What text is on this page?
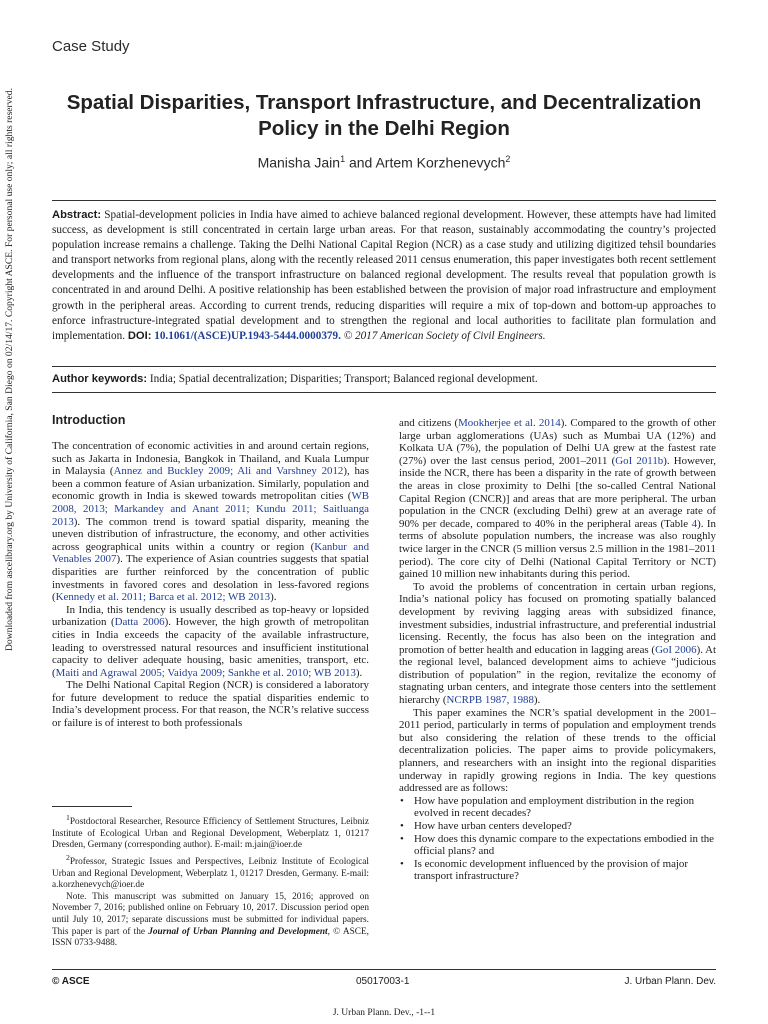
Downloaded from ascelibrary.org by University of California, San Diego on 02/14/17. Copyright ASCE. For personal use only; all rights reserved.
Case Study
Spatial Disparities, Transport Infrastructure, and Decentralization Policy in the Delhi Region
Manisha Jain$^1$ and Artem Korzhenevych$^2$
Abstract: Spatial-development policies in India have aimed to achieve balanced regional development. However, these attempts have had limited success, as development is still concentrated in certain large urban areas. For that reason, sustainably accommodating the country’s projected population increase remains a challenge. Taking the Delhi National Capital Region (NCR) as a case study and utilizing digitized tehsil boundaries and transport networks from regional plans, along with the recently released 2011 census enumeration, this paper investigates both recent settlement developments and the influence of the transport infrastructure on balanced regional development. The results reveal that population growth is concentrated in and around Delhi. A positive relationship has been established between the provision of major road infrastructure and employment growth in the peripheral areas. According to current trends, reducing disparities will require a mix of top-down and bottom-up approaches to enforce infrastructure-integrated spatial development and to strengthen the regional and local authorities to facilitate plan formulation and implementation. DOI: 10.1061/(ASCE)UP.1943-5444.0000379. © 2017 American Society of Civil Engineers.
Author keywords: India; Spatial decentralization; Disparities; Transport; Balanced regional development.
Introduction

The concentration of economic activities in and around certain regions, such as Jakarta in Indonesia, Bangkok in Thailand, and Kuala Lumpur in Malaysia (Annez and Buckley 2009; Ali and Varshney 2012), has been a common feature of Asian urbanization. Similarly, population and economic growth in India is skewed towards metropolitan cities (WB 2008, 2013; Markandey and Anant 2011; Kundu 2011; Saitluanga 2013). The common trend is toward spatial disparity, meaning the uneven distribution of infrastructure, the economy, and other activities across geographical units within a country or region (Kanbur and Venables 2007). The experience of Asian countries suggests that spatial disparities are further reinforced by the concentration of public investments in favored cores and desolation in less-favored regions (Kennedy et al. 2011; Barca et al. 2012; WB 2013).

In India, this tendency is usually described as top-heavy or lopsided urbanization (Datta 2006). However, the high growth of metropolitan cities in India exceeds the capacity of the available infrastructure, leading to overstressed natural resources and insufficient institutional capacity to deliver adequate housing, basic amenities, transport, etc. (Maiti and Agrawal 2005; Vaidya 2009; Sankhe et al. 2010; WB 2013).

The Delhi National Capital Region (NCR) is considered a laboratory for future development to reduce the spatial disparities endemic to India’s development process. For that reason, the NCR’s relative success or failure is of interest to both professionals

$^1$Postdoctoral Researcher, Resource Efficiency of Settlement Structures, Leibniz Institute of Ecological Urban and Regional Development, Weberplatz 1, 01217 Dresden, Germany (corresponding author). E-mail: m.jain@ioer.de

$^2$Professor, Strategic Issues and Perspectives, Leibniz Institute of Ecological Urban and Regional Development, Weberplatz 1, 01217 Dresden, Germany. E-mail: a.korzhenevych@ioer.de

Note. This manuscript was submitted on January 15, 2016; approved on November 7, 2016; published online on February 10, 2017. Discussion period open until July 10, 2017; separate discussions must be submitted for individual papers. This paper is part of the Journal of Urban Planning and Development, © ASCE, ISSN 0733-9488.

and citizens (Mookherjee et al. 2014). Compared to the growth of other large urban agglomerations (UAs) such as Mumbai UA (12%) and Kolkata UA (7%), the population of Delhi UA grew at the fastest rate (27%) over the last census period, 2001–2011 (GoI 2011b). However, inside the NCR, there has been a disparity in the rate of growth between the areas in close proximity to Delhi [the so-called Central National Capital Region (CNCR)] and areas that are more peripheral. The urban population in the CNCR (excluding Delhi) grew at an average rate of 90% per decade, compared to 40% in the peripheral areas (Table 4). In terms of absolute population numbers, the increase was also roughly twice larger in the CNCR (5 million versus 2.5 million in the 1981–2011 period). The core city of Delhi (National Capital Territory or NCT) gained 10 million new inhabitants during this period.

To avoid the problems of concentration in certain urban regions, India’s national policy has focused on promoting spatially balanced development by reviving lagging areas with subsidized finance, investment subsidies, industrial infrastructure, and preferential industrial licensing. Recently, the focus has also been on the integration and promotion of better health and education in lagging areas (GoI 2006). At the regional level, balanced development aims to achieve “judicious distribution of population” in the region, revitalize the economy of stagnating urban centers, and integrate those centers into the settlement hierarchy (NCRPB 1987, 1988).

This paper examines the NCR’s spatial development in the 2001–2011 period, particularly in terms of population and employment trends but also considering the relation of these trends to the official decentralization policies. The paper aims to provide policymakers, planners, and researchers with an insight into the regional disparities underway in rapidly growing regions in India. The key questions addressed are as follows:

• How have population and employment distribution in the region evolved in recent decades?
• How have urban centers developed?
• How does this dynamic compare to the expectations embodied in the official plans? and
• Is economic development influenced by the provision of major transport infrastructure?
© ASCE	05017003-1	J. Urban Plann. Dev.
J. Urban Plann. Dev., -1--1
